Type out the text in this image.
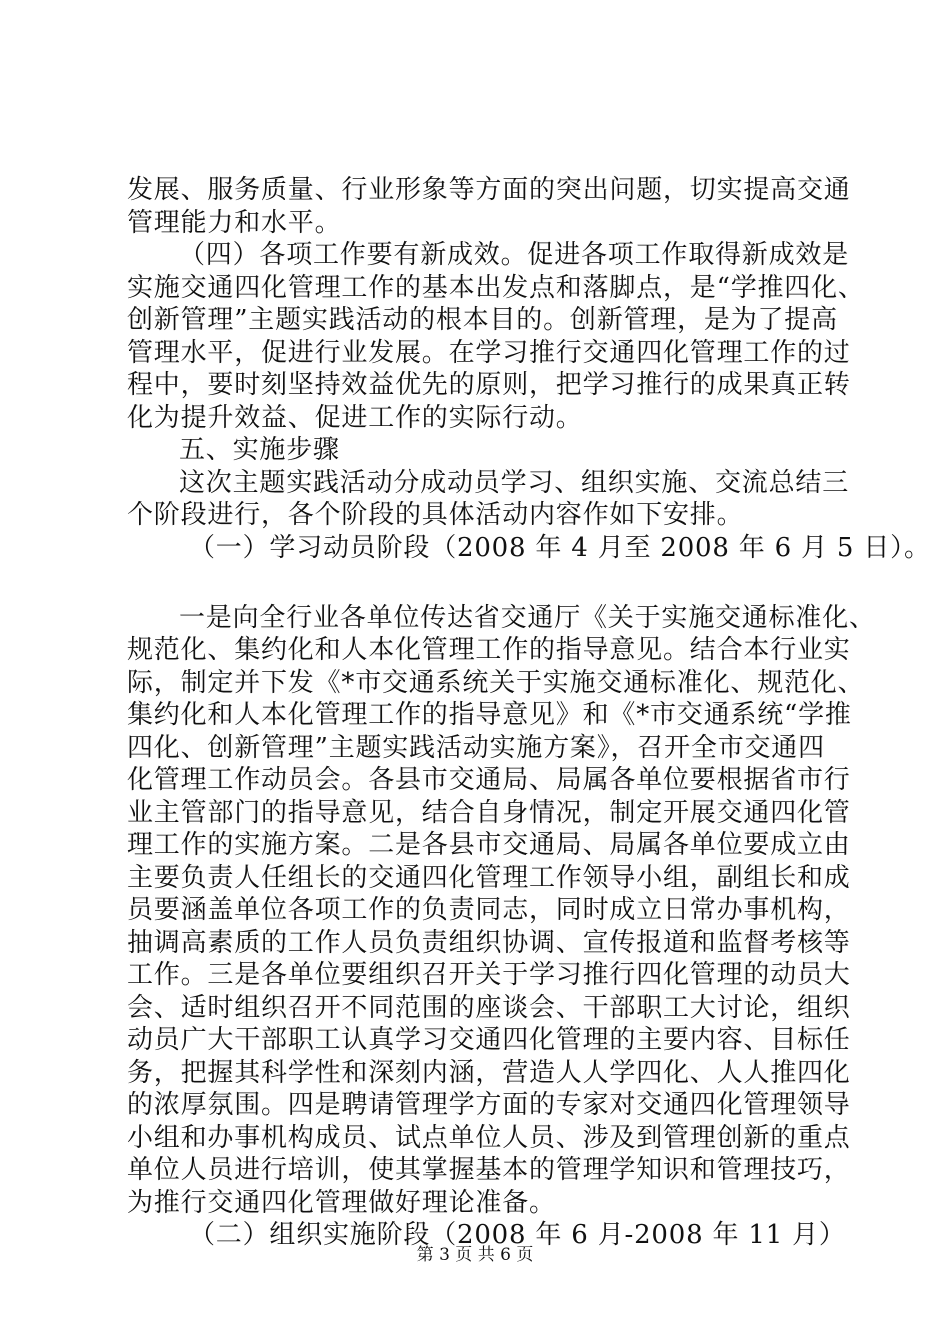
发展、服务质量、行业形象等方面的突出问题，切实提高交通
管理能力和水平。
（四）各项工作要有新成效。促进各项工作取得新成效是
实施交通四化管理工作的基本出发点和落脚点，是“学推四化、
创新管理”主题实践活动的根本目的。创新管理，是为了提高
管理水平，促进行业发展。在学习推行交通四化管理工作的过
程中，要时刻坚持效益优先的原则，把学习推行的成果真正转
化为提升效益、促进工作的实际行动。
五、实施步骤
这次主题实践活动分成动员学习、组织实施、交流总结三
个阶段进行，各个阶段的具体活动内容作如下安排。
（一）学习动员阶段（2008 年 4 月至 2008 年 6 月 5 日）。
一是向全行业各单位传达省交通厅《关于实施交通标准化、
规范化、集约化和人本化管理工作的指导意见。结合本行业实
际，制定并下发《*市交通系统关于实施交通标准化、规范化、
集约化和人本化管理工作的指导意见》和《*市交通系统“学推
四化、创新管理”主题实践活动实施方案》，召开全市交通四
化管理工作动员会。各县市交通局、局属各单位要根据省市行
业主管部门的指导意见，结合自身情况，制定开展交通四化管
理工作的实施方案。二是各县市交通局、局属各单位要成立由
主要负责人任组长的交通四化管理工作领导小组，副组长和成
员要涵盖单位各项工作的负责同志，同时成立日常办事机构，
抽调高素质的工作人员负责组织协调、宣传报道和监督考核等
工作。三是各单位要组织召开关于学习推行四化管理的动员大
会、适时组织召开不同范围的座谈会、干部职工大讨论，组织
动员广大干部职工认真学习交通四化管理的主要内容、目标任
务，把握其科学性和深刻内涵，营造人人学四化、人人推四化
的浓厚氛围。四是聘请管理学方面的专家对交通四化管理领导
小组和办事机构成员、试点单位人员、涉及到管理创新的重点
单位人员进行培训，使其掌握基本的管理学知识和管理技巧，
为推行交通四化管理做好理论准备。
（二）组织实施阶段（2008 年 6 月-2008 年 11 月）
第 3 页 共 6 页
